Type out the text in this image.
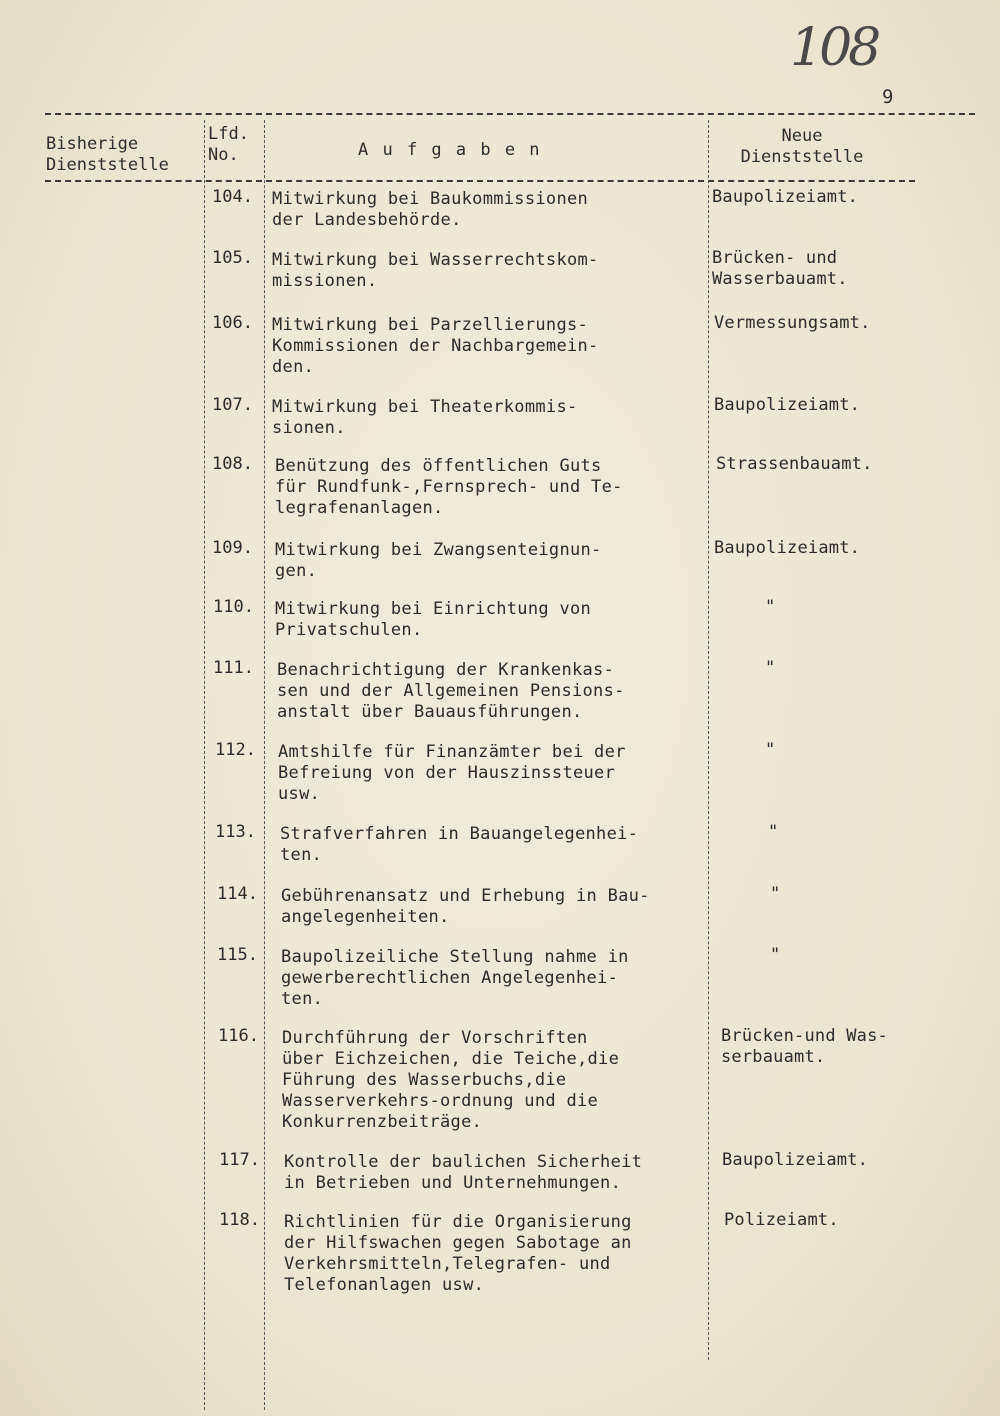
108
9
Bisherige
Dienststelle
Lfd.
No.	A u f g a b e n
Neue
Dienststelle
104. Mitwirkung bei Baukommissionen
der Landesbehörde.
Baupolizeiamt.
105. Mitwirkung bei Wasserrechtskom-
missionen.
Brücken- und
Wasserbauamt.
106. Mitwirkung bei Parzellierungs-
Kommissionen der Nachbargemein-
den.
Vermessungsamt.
107. Mitwirkung bei Theaterkommis-
sionen.
Baupolizeiamt.
108. Benützung des öffentlichen Guts
für Rundfunk-,Fernsprech- und Te-
legrafenanlagen.
Strassenbauamt.
109. Mitwirkung bei Zwangsenteignun-
gen.
Baupolizeiamt.
110. Mitwirkung bei Einrichtung von
Privatschulen.
"
111. Benachrichtigung der Krankenkas-
sen und der Allgemeinen Pensions-
anstalt über Bauausführungen.
"
112. Amtshilfe für Finanzämter bei der
Befreiung von der Hauszinssteuer
usw.
"
113. Strafverfahren in Bauangelegenhei-
ten.
"
114. Gebührenansatz und Erhebung in Bau-
angelegenheiten.
"
115. Baupolizeiliche Stellung nahme in
gewerberechtlichen Angelegenhei-
ten.
"
116. Durchführung der Vorschriften
über Eichzeichen, die Teiche,die
Führung des Wasserbuchs,die
Wasserverkehrs-ordnung und die
Konkurrenzbeiträge.
Brücken-und Was-
serbauamt.
117. Kontrolle der baulichen Sicherheit
in Betrieben und Unternehmungen.
Baupolizeiamt.
118. Richtlinien für die Organisierung
der Hilfswachen gegen Sabotage an
Verkehrsmitteln,Telegrafen- und
Telefonanlagen usw.
Polizeiamt.
